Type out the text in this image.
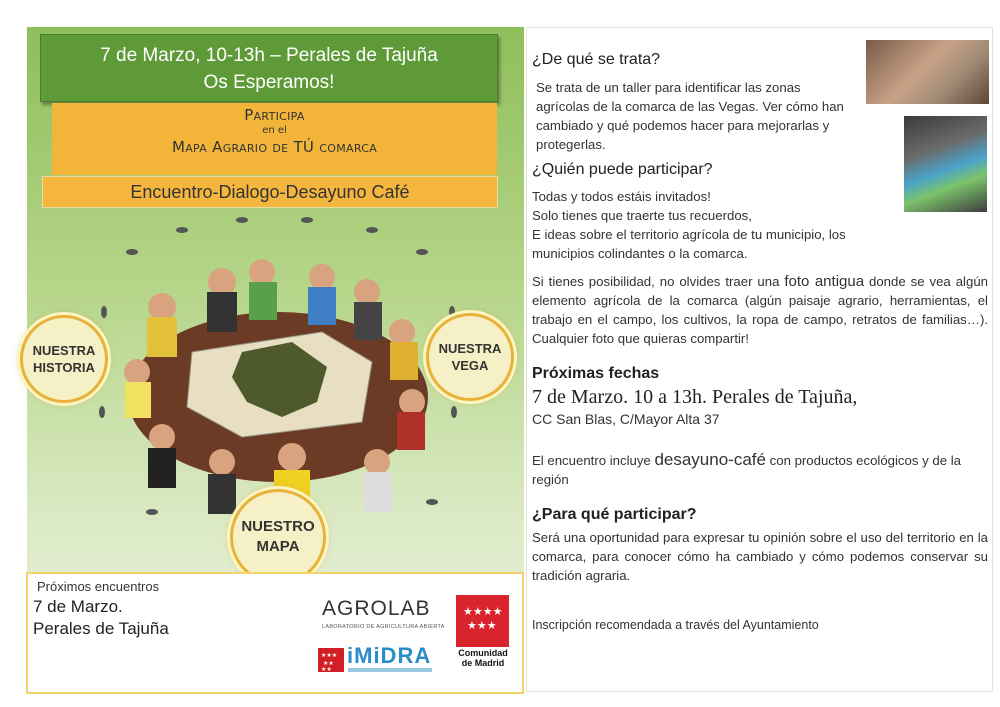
7 de Marzo, 10-13h – Perales de Tajuña
Os Esperamos!
Participa
en el
Mapa Agrario de TÚ comarca
Encuentro-Dialogo-Desayuno Café
NUESTRA
HISTORIA
NUESTRA
VEGA
NUESTRO
MAPA
Próximos encuentros
7 de Marzo.
Perales de Tajuña
AGROLAB
LABORATORIO DE AGRICULTURA ABIERTA
★★★
★★
★★
iMiDRA
★★★★
★★★
Comunidad
de Madrid
¿De qué se trata?
Se trata de un taller para identificar las zonas
agrícolas de la comarca de las Vegas. Ver cómo han
cambiado y qué podemos hacer para mejorarlas y
protegerlas.
¿Quién puede participar?
Todas y todos estáis invitados!
Solo tienes que traerte tus recuerdos,
E ideas sobre el territorio agrícola de tu municipio, los
municipios colindantes o la comarca.
Si tienes posibilidad, no olvides traer una foto antigua donde se vea algún elemento agrícola de la comarca (algún paisaje agrario, herramientas, el trabajo en el campo, los cultivos, la ropa de campo, retratos de familias…). Cualquier foto que quieras compartir!
Próximas fechas
7 de Marzo. 10 a 13h. Perales de Tajuña,
CC San Blas, C/Mayor Alta 37
El encuentro incluye desayuno-café con productos ecológicos y de la región
¿Para qué participar?
Será una oportunidad para expresar tu opinión sobre el uso del territorio en la comarca, para conocer cómo ha cambiado y cómo podemos conservar su tradición agraria.
Inscripción recomendada a través del Ayuntamiento
